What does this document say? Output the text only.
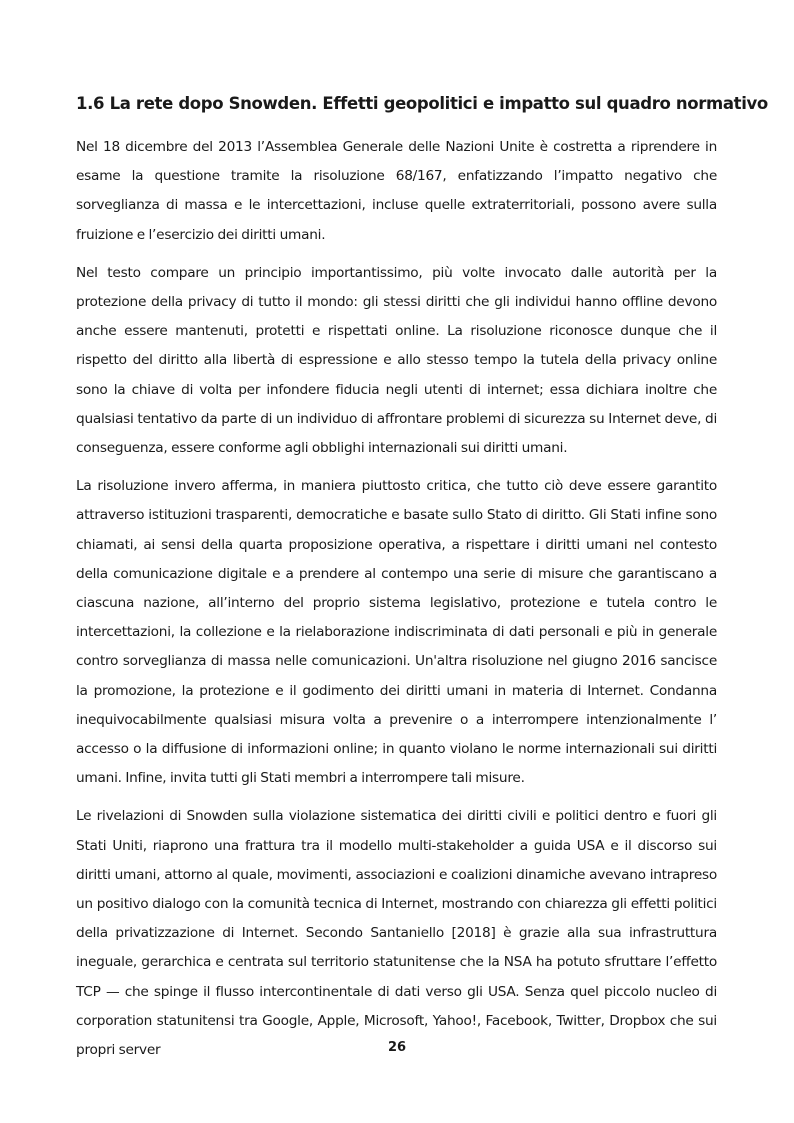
1.6 La rete dopo Snowden. Effetti geopolitici e impatto sul quadro normativo

Nel 18 dicembre del 2013 l’Assemblea Generale delle Nazioni Unite è costretta a riprendere in esame la questione tramite la risoluzione 68/167, enfatizzando l’impatto negativo che sorveglianza di massa e le intercettazioni, incluse quelle extraterritoriali, possono avere sulla fruizione e l’esercizio dei diritti umani.

Nel testo compare un principio importantissimo, più volte invocato dalle autorità per la protezione della privacy di tutto il mondo: gli stessi diritti che gli individui hanno offline devono anche essere mantenuti, protetti e rispettati online. La risoluzione riconosce dunque che il rispetto del diritto alla libertà di espressione e allo stesso tempo la tutela della privacy online sono la chiave di volta per infondere fiducia negli utenti di internet; essa dichiara inoltre che qualsiasi tentativo da parte di un individuo di affrontare problemi di sicurezza su Internet deve, di conseguenza, essere conforme agli obblighi internazionali sui diritti umani.

La risoluzione invero afferma, in maniera piuttosto critica, che tutto ciò deve essere garantito attraverso istituzioni trasparenti, democratiche e basate sullo Stato di diritto. Gli Stati infine sono chiamati, ai sensi della quarta proposizione operativa, a rispettare i diritti umani nel contesto della comunicazione digitale e a prendere al contempo una serie di misure che garantiscano a ciascuna nazione, all’interno del proprio sistema legislativo, protezione e tutela contro le intercettazioni, la collezione e la rielaborazione indiscriminata di dati personali e più in generale contro sorveglianza di massa nelle comunicazioni. Un'altra risoluzione nel giugno 2016 sancisce la promozione, la protezione e il godimento dei diritti umani in materia di Internet. Condanna inequivocabilmente qualsiasi misura volta a prevenire o a interrompere intenzionalmente l’ accesso o la diffusione di informazioni online; in quanto violano le norme internazionali sui diritti umani. Infine, invita tutti gli Stati membri a interrompere tali misure.

Le rivelazioni di Snowden sulla violazione sistematica dei diritti civili e politici dentro e fuori gli Stati Uniti, riaprono una frattura tra il modello multi-stakeholder a guida USA e il discorso sui diritti umani, attorno al quale, movimenti, associazioni e coalizioni dinamiche avevano intrapreso un positivo dialogo con la comunità tecnica di Internet, mostrando con chiarezza gli effetti politici della privatizzazione di Internet. Secondo Santaniello [2018] è grazie alla sua infrastruttura ineguale, gerarchica e centrata sul territorio statunitense che la NSA ha potuto sfruttare l’effetto TCP — che spinge il flusso intercontinentale di dati verso gli USA. Senza quel piccolo nucleo di corporation statunitensi tra Google, Apple, Microsoft, Yahoo!, Facebook, Twitter, Dropbox che sui propri server	26
